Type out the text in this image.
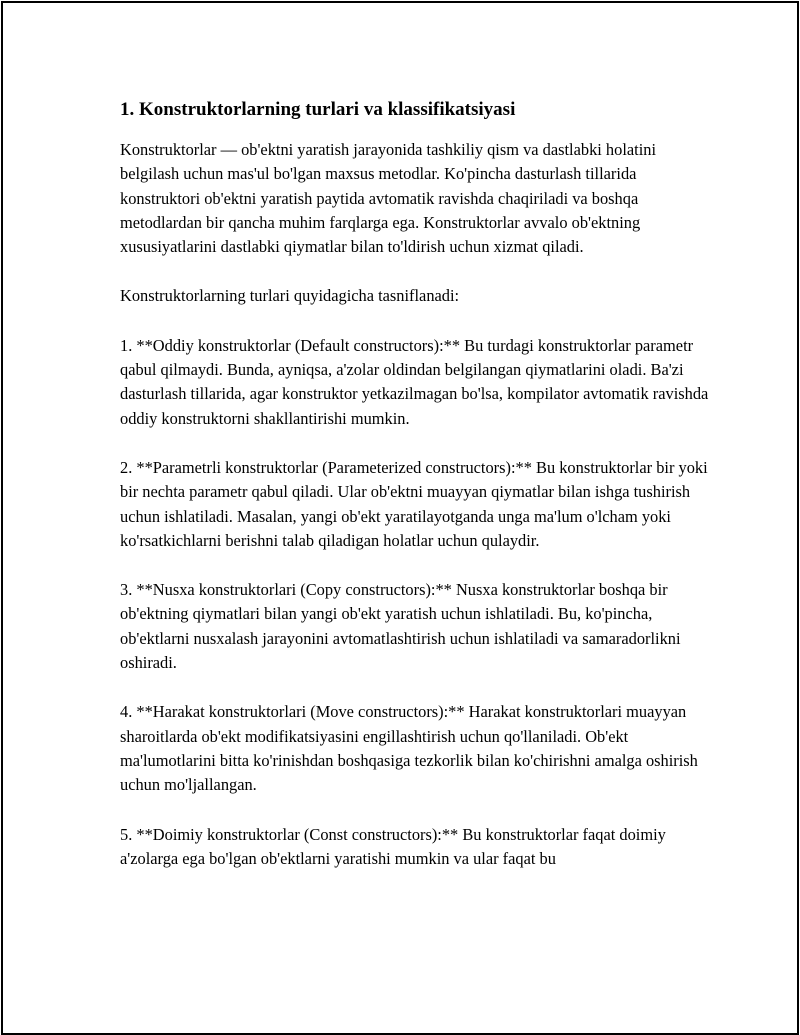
1. Konstruktorlarning turlari va klassifikatsiyasi

Konstruktorlar — ob'ektni yaratish jarayonida tashkiliy qism va dastlabki holatini belgilash uchun mas'ul bo'lgan maxsus metodlar. Ko'pincha dasturlash tillarida konstruktori ob'ektni yaratish paytida avtomatik ravishda chaqiriladi va boshqa metodlardan bir qancha muhim farqlarga ega. Konstruktorlar avvalo ob'ektning xususiyatlarini dastlabki qiymatlar bilan to'ldirish uchun xizmat qiladi.

Konstruktorlarning turlari quyidagicha tasniflanadi:

1. **Oddiy konstruktorlar (Default constructors):** Bu turdagi konstruktorlar parametr qabul qilmaydi. Bunda, ayniqsa, a'zolar oldindan belgilangan qiymatlarini oladi. Ba'zi dasturlash tillarida, agar konstruktor yetkazilmagan bo'lsa, kompilator avtomatik ravishda oddiy konstruktorni shakllantirishi mumkin.

2. **Parametrli konstruktorlar (Parameterized constructors):** Bu konstruktorlar bir yoki bir nechta parametr qabul qiladi. Ular ob'ektni muayyan qiymatlar bilan ishga tushirish uchun ishlatiladi. Masalan, yangi ob'ekt yaratilayotganda unga ma'lum o'lcham yoki ko'rsatkichlarni berishni talab qiladigan holatlar uchun qulaydir.

3. **Nusxa konstruktorlari (Copy constructors):** Nusxa konstruktorlar boshqa bir ob'ektning qiymatlari bilan yangi ob'ekt yaratish uchun ishlatiladi. Bu, ko'pincha, ob'ektlarni nusxalash jarayonini avtomatlashtirish uchun ishlatiladi va samaradorlikni oshiradi.

4. **Harakat konstruktorlari (Move constructors):** Harakat konstruktorlari muayyan sharoitlarda ob'ekt modifikatsiyasini engillashtirish uchun qo'llaniladi. Ob'ekt ma'lumotlarini bitta ko'rinishdan boshqasiga tezkorlik bilan ko'chirishni amalga oshirish uchun mo'ljallangan.

5. **Doimiy konstruktorlar (Const constructors):** Bu konstruktorlar faqat doimiy a'zolarga ega bo'lgan ob'ektlarni yaratishi mumkin va ular faqat bu
